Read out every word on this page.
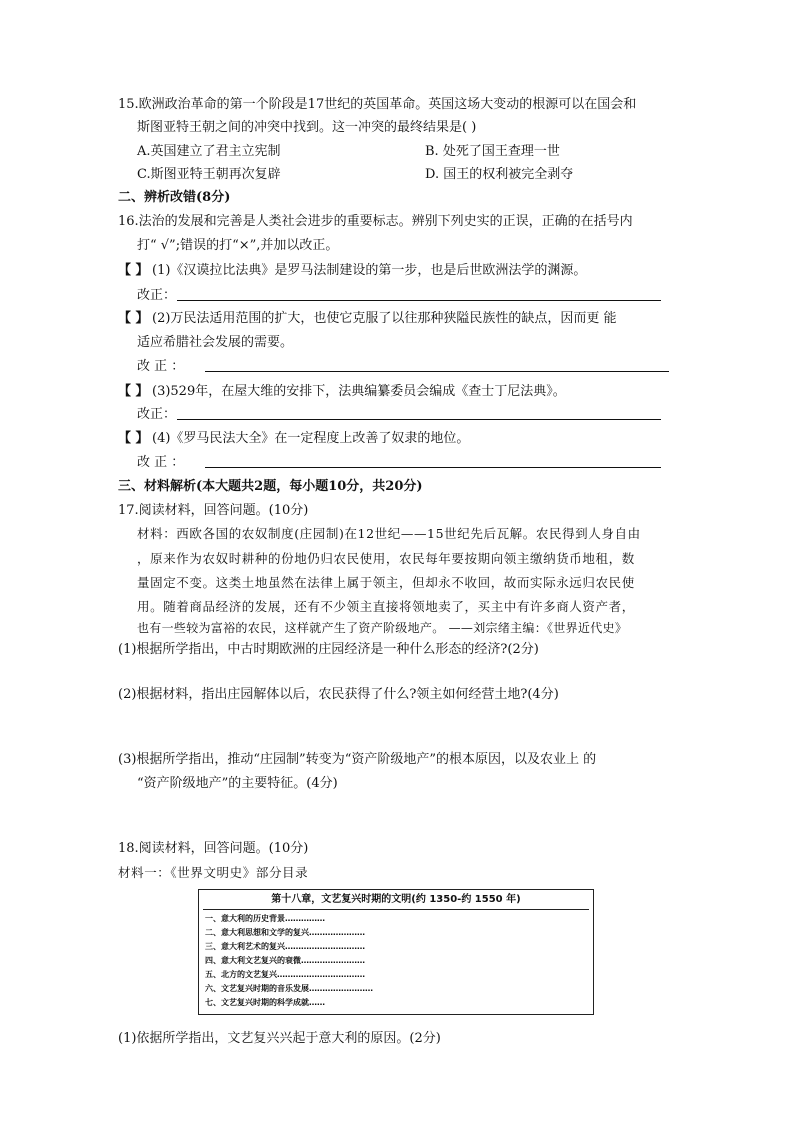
15.欧洲政治革命的第一个阶段是17世纪的英国革命。英国这场大变动的根源可以在国会和
斯图亚特王朝之间的冲突中找到。这一冲突的最终结果是( )
A.英国建立了君主立宪制	B. 处死了国王查理一世
C.斯图亚特王朝再次复辟	D. 国王的权利被完全剥夺
二、辨析改错(8分)
16.法治的发展和完善是人类社会进步的重要标志。辨别下列史实的正误，正确的在括号内
打“ √”;错误的打“×”,并加以改正。
【 】 (1)《汉谟拉比法典》是罗马法制建设的第一步，也是后世欧洲法学的渊源。
改正：
【 】 (2)万民法适用范围的扩大，也使它克服了以往那种狭隘民族性的缺点，因而更 能
适应希腊社会发展的需要。
改 正 ：
【 】 (3)529年，在屋大维的安排下，法典编纂委员会编成《查士丁尼法典》。
改正：
【 】 (4)《罗马民法大全》在一定程度上改善了奴隶的地位。
改 正 ：
三、材料解析(本大题共2题，每小题10分，共20分)
17.阅读材料，回答问题。(10分)
材料：西欧各国的农奴制度(庄园制)在12世纪——15世纪先后瓦解。农民得到人身自由
，原来作为农奴时耕种的份地仍归农民使用，农民每年要按期向领主缴纳货币地租，数
量固定不变。这类土地虽然在法律上属于领主，但却永不收回，故而实际永远归农民使
用。随着商品经济的发展，还有不少领主直接将领地卖了，买主中有许多商人资产者，
也有一些较为富裕的农民，这样就产生了资产阶级地产。 ——刘宗绪主编：《世界近代史》
(1)根据所学指出，中古时期欧洲的庄园经济是一种什么形态的经济?(2分)
(2)根据材料，指出庄园解体以后，农民获得了什么?领主如何经营土地?(4分)
(3)根据所学指出，推动“庄园制”转变为“资产阶级地产”的根本原因，以及农业上 的
“资产阶级地产”的主要特征。(4分)
18.阅读材料，回答问题。(10分)
材料一：《世界文明史》部分目录
第十八章，文艺复兴时期的文明(约 1350-约 1550 年)
一、意大利的历史背景……………
二、意大利思想和文学的复兴…………………
三、意大利艺术的复兴…………………………
四、意大利文艺复兴的衰微……………………
五、北方的文艺复兴……………………………
六、文艺复兴时期的音乐发展……………………
七、文艺复兴时期的科学成就……
(1)依据所学指出，文艺复兴兴起于意大利的原因。(2分)
